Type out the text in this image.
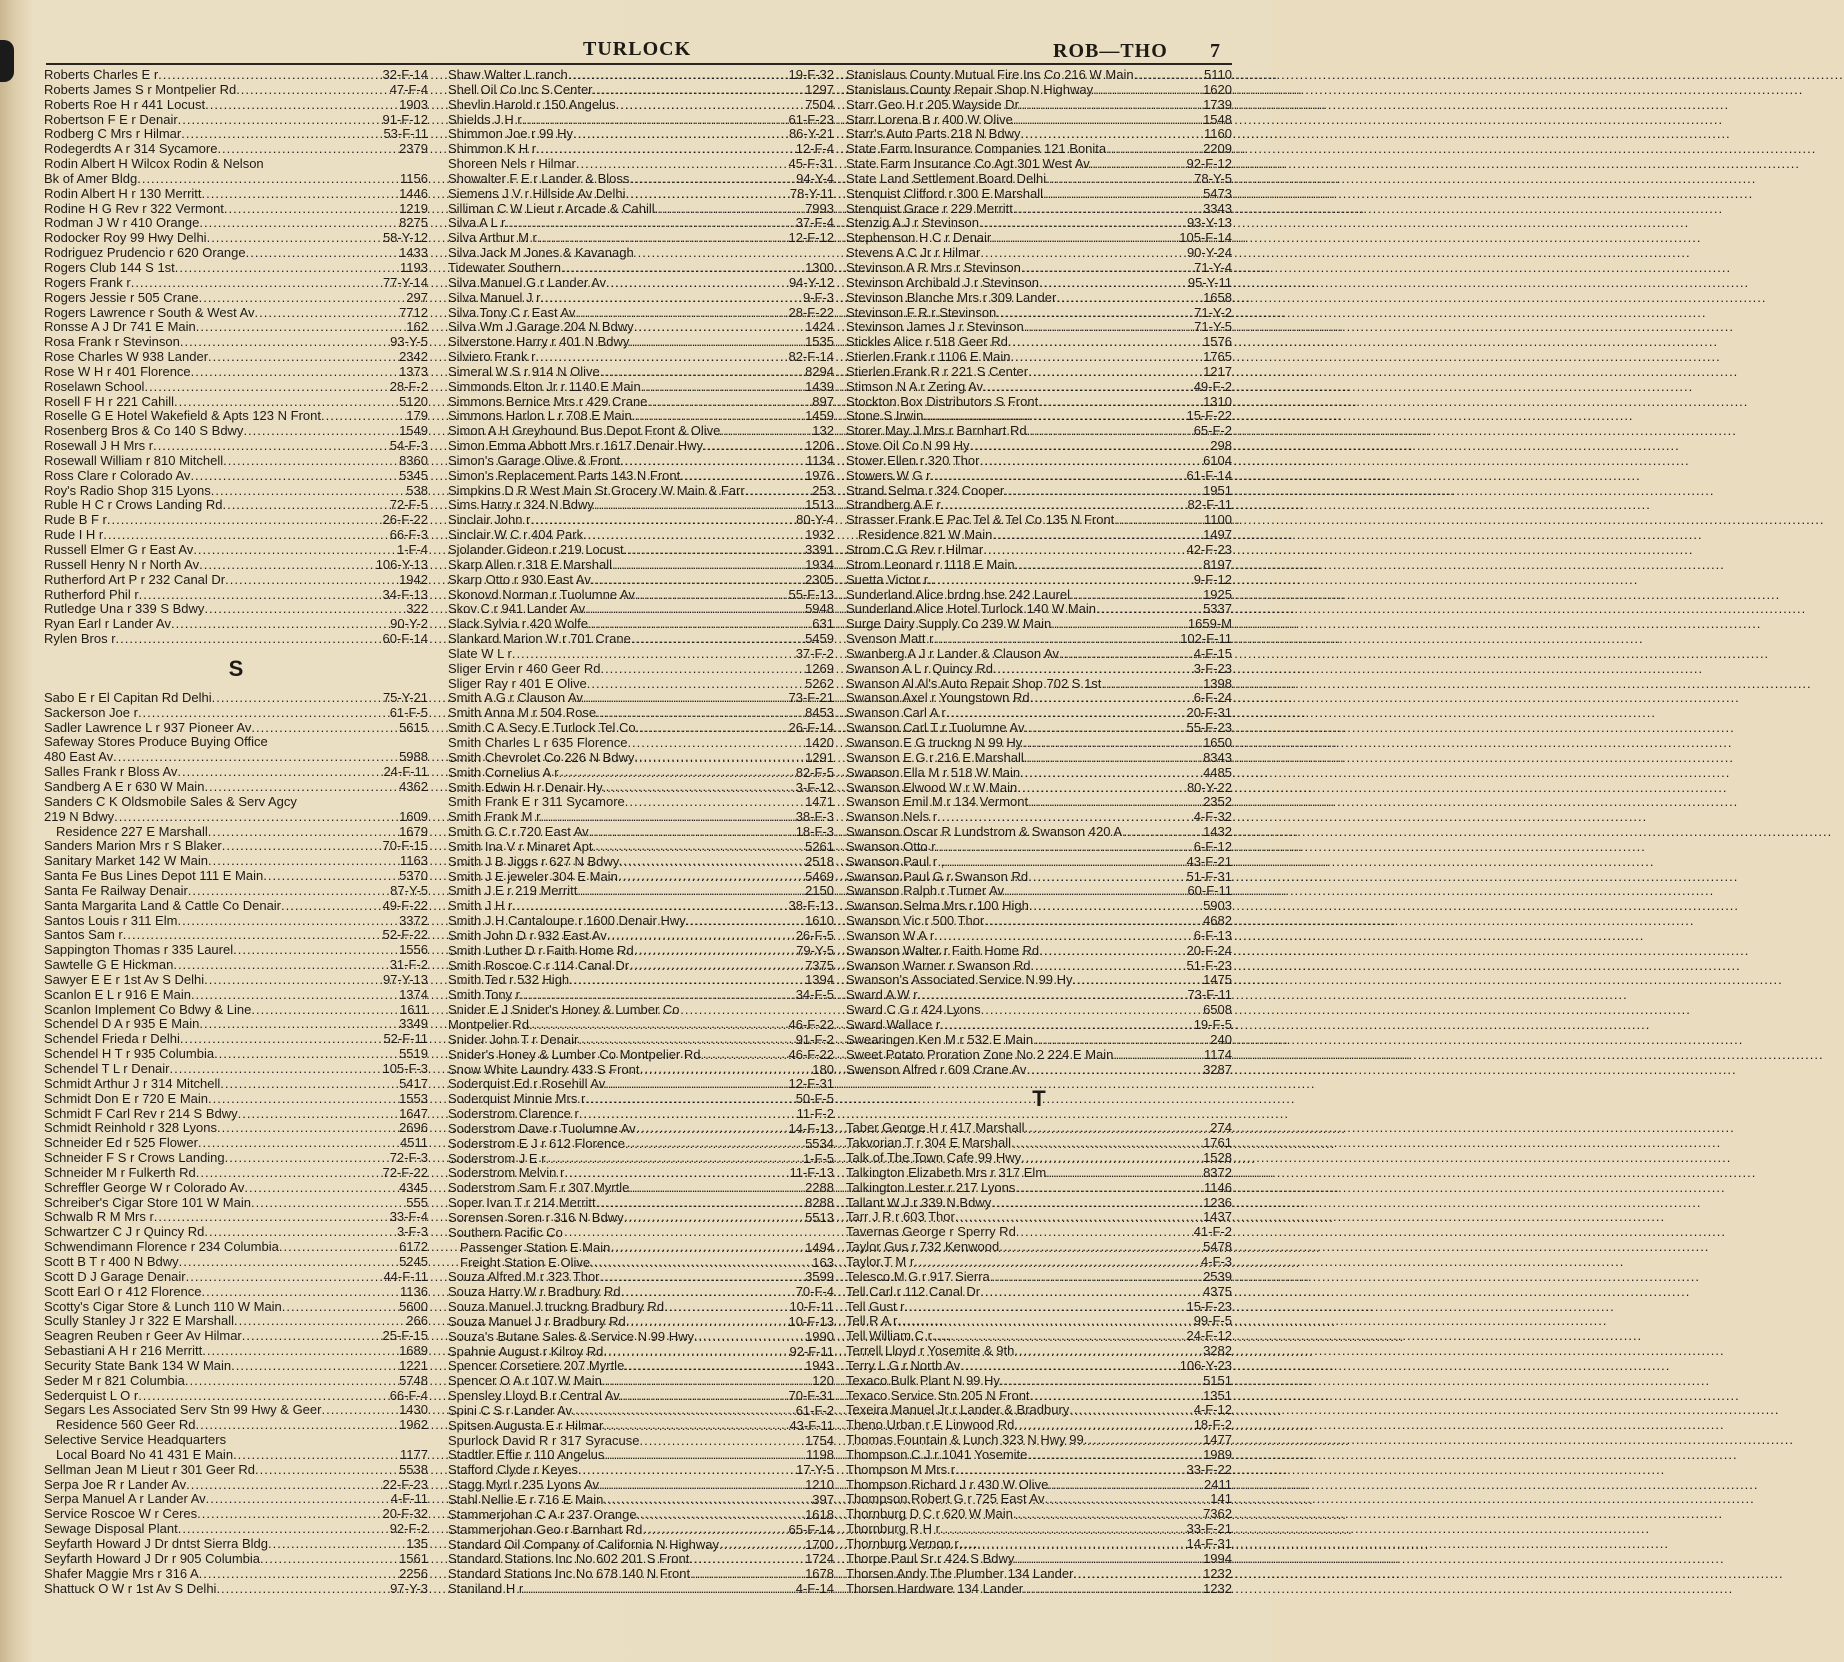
TURLOCK	ROB—THO 7
Roberts Charles E r .....	32-F-14
Roberts James S r Montpelier Rd .....	47-F-4
Roberts Roe H r 441 Locust .....	1903
Robertson F E r Denair .....	91-F-12
Rodberg C Mrs r Hilmar .....	53-F-11
Rodegerdts A r 314 Sycamore .....	2379
Rodin Albert H Wilcox Rodin & Nelson
Bk of Amer Bldg .....	1156
Rodin Albert H r 130 Merritt .....	1446
Rodine H G Rev r 322 Vermont .....	1219
Rodman J W r 410 Orange .....	8275
Rodocker Roy 99 Hwy Delhi .....	58-Y-12
Rodriguez Prudencio r 620 Orange .....	1433
Rogers Club 144 S 1st .....	1193
Rogers Frank r .....	77-Y-14
Rogers Jessie r 505 Crane .....	297
Rogers Lawrence r South & West Av .....	7712
Ronsse A J Dr 741 E Main .....	162
Rosa Frank r Stevinson .....	93-Y-5
Rose Charles W 938 Lander .....	2342
Rose W H r 401 Florence .....	1373
Roselawn School .....	28-F-2
Rosell F H r 221 Cahill .....	5120
Roselle G E Hotel Wakefield & Apts 123 N Front .....	179
Rosenberg Bros & Co 140 S Bdwy .....	1549
Rosewall J H Mrs r .....	54-F-3
Rosewall William r 810 Mitchell .....	8360
Ross Clare r Colorado Av .....	5345
Roy's Radio Shop 315 Lyons .....	538
Ruble H C r Crows Landing Rd .....	72-F-5
Rude B F r .....	26-F-22
Rude I H r .....	66-F-3
Russell Elmer G r East Av .....	1-F-4
Russell Henry N r North Av .....	106-Y-13
Rutherford Art P r 232 Canal Dr .....	1942
Rutherford Phil r .....	34-F-13
Rutledge Una r 339 S Bdwy .....	322
Ryan Earl r Lander Av .....	90-Y-2
Rylen Bros r .....	60-F-14
S
Sabo E r El Capitan Rd Delhi .....	75-Y-21
Sackerson Joe r .....	61-F-5
Sadler Lawrence L r 937 Pioneer Av .....	5615
Safeway Stores Produce Buying Office
480 East Av .....	5988
Salles Frank r Bloss Av .....	24-F-11
Sandberg A E r 630 W Main .....	4362
Sanders C K Oldsmobile Sales & Serv Agcy
219 N Bdwy .....	1609
Residence 227 E Marshall .....	1679
Sanders Marion Mrs r S Blaker .....	70-F-15
Sanitary Market 142 W Main .....	1163
Santa Fe Bus Lines Depot 111 E Main .....	5370
Santa Fe Railway Denair .....	87-Y-5
Santa Margarita Land & Cattle Co Denair .....	49-F-22
Santos Louis r 311 Elm .....	3372
Santos Sam r .....	52-F-22
Sappington Thomas r 335 Laurel .....	1556
Sawtelle G E Hickman .....	31-F-2
Sawyer E E r 1st Av S Delhi .....	97-Y-13
Scanlon E L r 916 E Main .....	1374
Scanlon Implement Co Bdwy & Line .....	1611
Schendel D A r 935 E Main .....	3349
Schendel Frieda r Delhi .....	52-F-11
Schendel H T r 935 Columbia .....	5519
Schendel T L r Denair .....	105-F-3
Schmidt Arthur J r 314 Mitchell .....	5417
Schmidt Don E r 720 E Main .....	1553
Schmidt F Carl Rev r 214 S Bdwy .....	1647
Schmidt Reinhold r 328 Lyons .....	2696
Schneider Ed r 525 Flower .....	4511
Schneider F S r Crows Landing .....	72-F-3
Schneider M r Fulkerth Rd .....	72-F-22
Schreffler George W r Colorado Av .....	4345
Schreiber's Cigar Store 101 W Main .....	555
Schwalb R M Mrs r .....	33-F-4
Schwartzer C J r Quincy Rd .....	3-F-3
Schwendimann Florence r 234 Columbia .....	6172
Scott B T r 400 N Bdwy .....	5245
Scott D J Garage Denair .....	44-F-11
Scott Earl O r 412 Florence .....	1136
Scotty's Cigar Store & Lunch 110 W Main .....	5600
Scully Stanley J r 322 E Marshall .....	266
Seagren Reuben r Geer Av Hilmar .....	25-F-15
Sebastiani A H r 216 Merritt .....	1689
Security State Bank 134 W Main .....	1221
Seder M r 821 Columbia .....	5748
Sederquist L O r .....	66-F-4
Segars Les Associated Serv Stn 99 Hwy & Geer .....	1430
Residence 560 Geer Rd .....	1962
Selective Service Headquarters
Local Board No 41 431 E Main .....	1177
Sellman Jean M Lieut r 301 Geer Rd .....	5538
Serpa Joe R r Lander Av .....	22-F-23
Serpa Manuel A r Lander Av .....	4-F-11
Service Roscoe W r Ceres .....	20-F-32
Sewage Disposal Plant .....	92-F-2
Seyfarth Howard J Dr dntst Sierra Bldg .....	135
Seyfarth Howard J Dr r 905 Columbia .....	1561
Shafer Maggie Mrs r 316 A .....	2256
Shattuck O W r 1st Av S Delhi .....	97-Y-3
Shaw Walter L ranch .....	19-F-32
Shell Oil Co Inc S Center .....	1297
Shevlin Harold r 150 Angelus .....	7504
Shields J H r .....	61-F-23
Shimmon Joe r 99 Hy .....	86-Y-21
Shimmon K H r .....	12-F-4
Shoreen Nels r Hilmar .....	45-F-31
Showalter F E r Lander & Bloss .....	94-Y-4
Siemens J V r Hillside Av Delhi .....	78-Y-11
Silliman C W Lieut r Arcade & Cahill .....	7993
Silva A L r .....	37-F-4
Silva Arthur M r .....	12-F-12
Silva Jack M Jones & Kavanagh
Tidewater Southern .....	1300
Silva Manuel G r Lander Av .....	94-Y-12
Silva Manuel J r .....	9-F-3
Silva Tony C r East Av .....	28-F-22
Silva Wm J Garage 204 N Bdwy .....	1424
Silverstone Harry r 401 N Bdwy .....	1535
Silviero Frank r .....	82-F-14
Simeral W S r 914 N Olive .....	8294
Simmonds Elton Jr r 1140 E Main .....	1439
Simmons Bernice Mrs r 429 Crane .....	897
Simmons Harlon L r 708 E Main .....	1459
Simon A H Greyhound Bus Depot Front & Olive .....	132
Simon Emma Abbott Mrs r 1617 Denair Hwy .....	1206
Simon's Garage Olive & Front .....	1134
Simon's Replacement Parts 143 N Front .....	1976
Simpkins D R West Main St Grocery W Main & Farr .....	253
Sims Harry r 324 N Bdwy .....	1513
Sinclair John r .....	80-Y-4
Sinclair W C r 404 Park .....	1932
Sjolander Gideon r 219 Locust .....	3391
Skarp Allen r 318 E Marshall .....	1934
Skarp Otto r 930 East Av .....	2305
Skonovd Norman r Tuolumne Av .....	55-F-13
Skov C r 941 Lander Av .....	5948
Slack Sylvia r 420 Wolfe .....	631
Slankard Marion W r 701 Crane .....	5459
Slate W L r .....	37-F-2
Sliger Ervin r 460 Geer Rd .....	1269
Sliger Ray r 401 E Olive .....	5262
Smith A G r Clauson Av .....	73-F-21
Smith Anna M r 504 Rose .....	8453
Smith C A Secy E Turlock Tel Co .....	26-F-14
Smith Charles L r 635 Florence .....	1420
Smith Chevrolet Co 226 N Bdwy .....	1291
Smith Cornelius A r .....	82-F-5
Smith Edwin H r Denair Hy .....	3-F-12
Smith Frank E r 311 Sycamore .....	1471
Smith Frank M r .....	38-F-3
Smith G C r 720 East Av .....	18-F-3
Smith Ina V r Minaret Apt .....	5261
Smith J B Jiggs r 627 N Bdwy .....	2518
Smith J E jeweler 304 E Main .....	5469
Smith J E r 219 Merritt .....	2150
Smith J H r .....	38-F-13
Smith J H Cantaloupe r 1600 Denair Hwy .....	1610
Smith John D r 932 East Av .....	26-F-5
Smith Luther D r Faith Home Rd .....	79-Y-5
Smith Roscoe C r 114 Canal Dr .....	7375
Smith Ted r 532 High .....	1394
Smith Tony r .....	34-F-5
Snider E J Snider's Honey & Lumber Co
Montpelier Rd .....	46-F-22
Snider John T r Denair .....	91-F-2
Snider's Honey & Lumber Co Montpelier Rd .....	46-F-22
Snow White Laundry 433 S Front .....	180
Soderquist Ed r Rosehill Av .....	12-F-31
Soderquist Minnie Mrs r .....	50-F-5
Soderstrom Clarence r .....	11-F-2
Soderstrom Dave r Tuolumne Av .....	14-F-13
Soderstrom E J r 612 Florence .....	5534
Soderstrom J E r .....	1-F-5
Soderstrom Melvin r .....	11-F-13
Soderstrom Sam F r 307 Myrtle .....	2288
Soper Ivan T r 214 Merritt .....	8288
Sorensen Soren r 316 N Bdwy .....	5513
Southern Pacific Co
Passenger Station E Main .....	1494
Freight Station E Olive .....	163
Souza Alfred M r 323 Thor .....	3599
Souza Harry W r Bradbury Rd .....	70-F-4
Souza Manuel J truckng Bradbury Rd .....	10-F-11
Souza Manuel J r Bradbury Rd .....	10-F-13
Souza's Butane Sales & Service N 99 Hwy .....	1990
Spahnie August r Kilroy Rd .....	92-F-11
Spencer Corsetiere 207 Myrtle .....	1943
Spencer O A r 107 W Main .....	120
Spensley Lloyd B r Central Av .....	70-F-31
Spini C S r Lander Av .....	61-F-2
Spitsen Augusta E r Hilmar .....	43-F-11
Spurlock David R r 317 Syracuse .....	1754
Stadtler Effie r 110 Angelus .....	1198
Stafford Clyde r Keyes .....	17-Y-5
Stagg Myrl r 235 Lyons Av .....	1210
Stahl Nellie E r 716 E Main .....	397
Stammerjohan C A r 237 Orange .....	1618
Stammerjohan Geo r Barnhart Rd .....	65-F-14
Standard Oil Company of California N Highway .....	1700
Standard Stations Inc No 602 201 S Front .....	1724
Standard Stations Inc No 678 140 N Front .....	1678
Staniland H r .....	4-F-14
Stanislaus County Mutual Fire Ins Co 216 W Main .....	5110
Stanislaus County Repair Shop N Highway .....	1620
Starr Geo H r 205 Wayside Dr .....	1739
Starr Lorena B r 400 W Olive .....	1548
Starr's Auto Parts 218 N Bdwy .....	1160
State Farm Insurance Companies 121 Bonita .....	2209
State Farm Insurance Co Agt 301 West Av .....	92-F-12
State Land Settlement Board Delhi .....	78-Y-5
Stenquist Clifford r 300 E Marshall .....	5473
Stenquist Grace r 229 Merritt .....	3343
Stenzig A J r Stevinson .....	93-Y-13
Stephenson H C r Denair .....	105-F-14
Stevens A C Jr r Hilmar .....	90-Y-24
Stevinson A R Mrs r Stevinson .....	71-Y-4
Stevinson Archibald J r Stevinson .....	95-Y-11
Stevinson Blanche Mrs r 309 Lander .....	1658
Stevinson F R r Stevinson .....	71-Y-2
Stevinson James J r Stevinson .....	71-Y-5
Stickles Alice r 518 Geer Rd .....	1576
Stierlen Frank r 1106 E Main .....	1765
Stierlen Frank R r 221 S Center .....	1217
Stimson N A r Zering Av .....	49-F-2
Stockton Box Distributors S Front .....	1310
Stone S Irwin .....	15-F-22
Storer May J Mrs r Barnhart Rd .....	65-F-2
Stove Oil Co N 99 Hy .....	298
Stover Ellen r 320 Thor .....	6104
Stowers W G r .....	61-F-14
Strand Selma r 324 Cooper .....	1951
Strandberg A F r .....	82-F-11
Strasser Frank E Pac Tel & Tel Co 135 N Front .....	1100
Residence 821 W Main .....	1497
Strom C G Rev r Hilmar .....	42-F-23
Strom Leonard r 1118 E Main .....	8197
Suetta Victor r .....	9-F-12
Sunderland Alice brdng hse 242 Laurel .....	1925
Sunderland Alice Hotel Turlock 140 W Main .....	5337
Surge Dairy Supply Co 239 W Main .....	1659-M
Svenson Matt r .....	102-F-11
Swanberg A J r Lander & Clauson Av .....	4-F-15
Swanson A L r Quincy Rd .....	3-F-23
Swanson Al Al's Auto Repair Shop 702 S 1st .....	1398
Swanson Axel r Youngstown Rd .....	6-F-24
Swanson Carl A r .....	20-F-31
Swanson Carl T r Tuolumne Av .....	55-F-23
Swanson E G truckng N 99 Hy .....	1650
Swanson E G r 216 E Marshall .....	8343
Swanson Ella M r 518 W Main .....	4485
Swanson Elwood W r W Main .....	80-Y-22
Swanson Emil M r 134 Vermont .....	2352
Swanson Nels r .....	4-F-32
Swanson Oscar R Lundstrom & Swanson 420 A .....	1432
Swanson Otto r .....	6-F-12
Swanson Paul r , .....	43-F-21
Swanson Paul G r Swanson Rd .....	51-F-31
Swanson Ralph r Turner Av .....	60-F-11
Swanson Selma Mrs r 100 High .....	5903
Swanson Vic r 500 Thor .....	4682
Swanson W A r .....	6-F-13
Swanson Walter r Faith Home Rd .....	20-F-24
Swanson Warner r Swanson Rd .....	51-F-23
Swanson's Associated Service N 99 Hy .....	1475
Sward A W r .....	73-F-11
Sward C G r 424 Lyons .....	6508
Sward Wallace r .....	19-F-5
Swearingen Ken M r 532 E Main .....	240
Sweet Potato Proration Zone No 2 224 E Main .....	1174
Swenson Alfred r 609 Crane Av .....	3287
T
Taber George H r 417 Marshall .....	274
Takvorian T r 304 E Marshall .....	1761
Talk of The Town Cafe 99 Hwy .....	1528
Talkington Elizabeth Mrs r 317 Elm .....	8372
Talkington Lester r 217 Lyons .....	1146
Tallant W J r 339 N Bdwy .....	1236
Tarr J R r 603 Thor .....	1437
Tavernas George r Sperry Rd .....	41-F-2
Taylor Gus r 732 Kenwood .....	5478
Taylor T M r .....	4-F-3
Telesco M G r 917 Sierra .....	2539
Tell Carl r 112 Canal Dr .....	4375
Tell Gust r .....	15-F-23
Tell R A r .....	99-F-5
Tell William C r .....	24-F-12
Terrell Lloyd r Yosemite & 9th .....	3282
Terry L G r North Av .....	106-Y-23
Texaco Bulk Plant N 99 Hy .....	5151
Texaco Service Stn 205 N Front .....	1351
Texeira Manuel Jr r Lander & Bradbury .....	4-F-12
Theno Urban r E Linwood Rd .....	18-F-2
Thomas Fountain & Lunch 323 N Hwy 99 .....	1477
Thompson C J r 1041 Yosemite .....	1989
Thompson M Mrs r .....	33-F-22
Thompson Richard J r 430 W Olive .....	2411
Thompson Robert G r 725 East Av .....	141
Thornburg D C r 620 W Main .....	7362
Thornburg R H r .....	33-F-21
Thornburg Vernon r .....	14-F-31
Thorpe Paul Sr r 424 S Bdwy .....	1994
Thorsen Andy The Plumber 134 Lander .....	1232
Thorsen Hardware 134 Lander .....	1232
